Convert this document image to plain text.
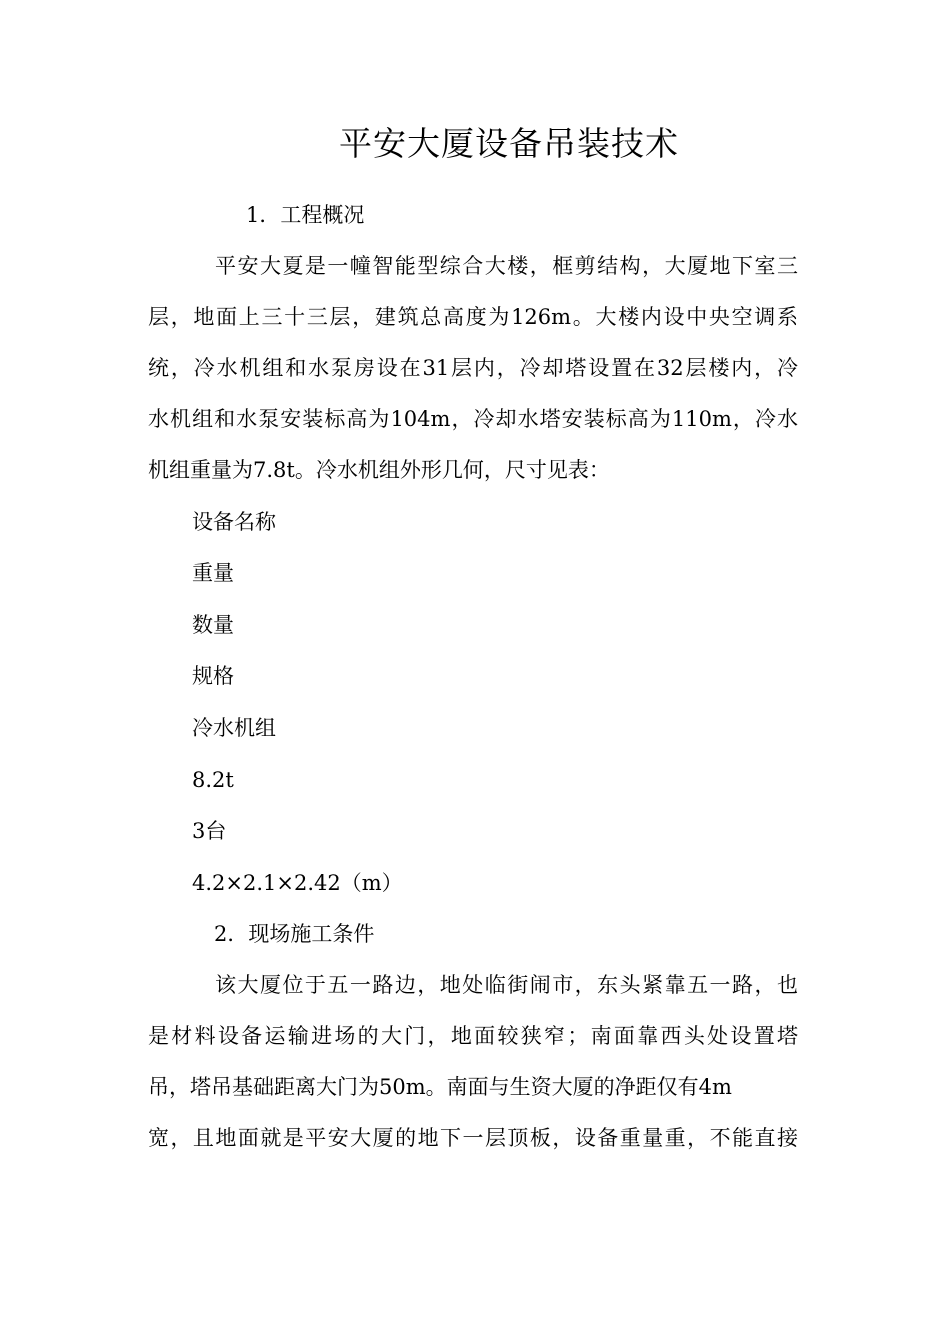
平安大厦设备吊装技术

1．工程概况

平安大夏是一幢智能型综合大楼，框剪结构，大厦地下室三

层，地面上三十三层，建筑总高度为126m。大楼内设中央空调系

统，冷水机组和水泵房设在31层内，冷却塔设置在32层楼内，冷

水机组和水泵安装标高为104m，冷却水塔安装标高为110m，冷水

机组重量为7.8t。冷水机组外形几何，尺寸见表：

设备名称

重量

数量

规格

冷水机组

8.2t

3台

4.2×2.1×2.42（m）

2．现场施工条件

该大厦位于五一路边，地处临街闹市，东头紧靠五一路，也

是材料设备运输进场的大门，地面较狭窄；南面靠西头处设置塔

吊，塔吊基础距离大门为50m。南面与生资大厦的净距仅有4m

宽，且地面就是平安大厦的地下一层顶板，设备重量重，不能直接
